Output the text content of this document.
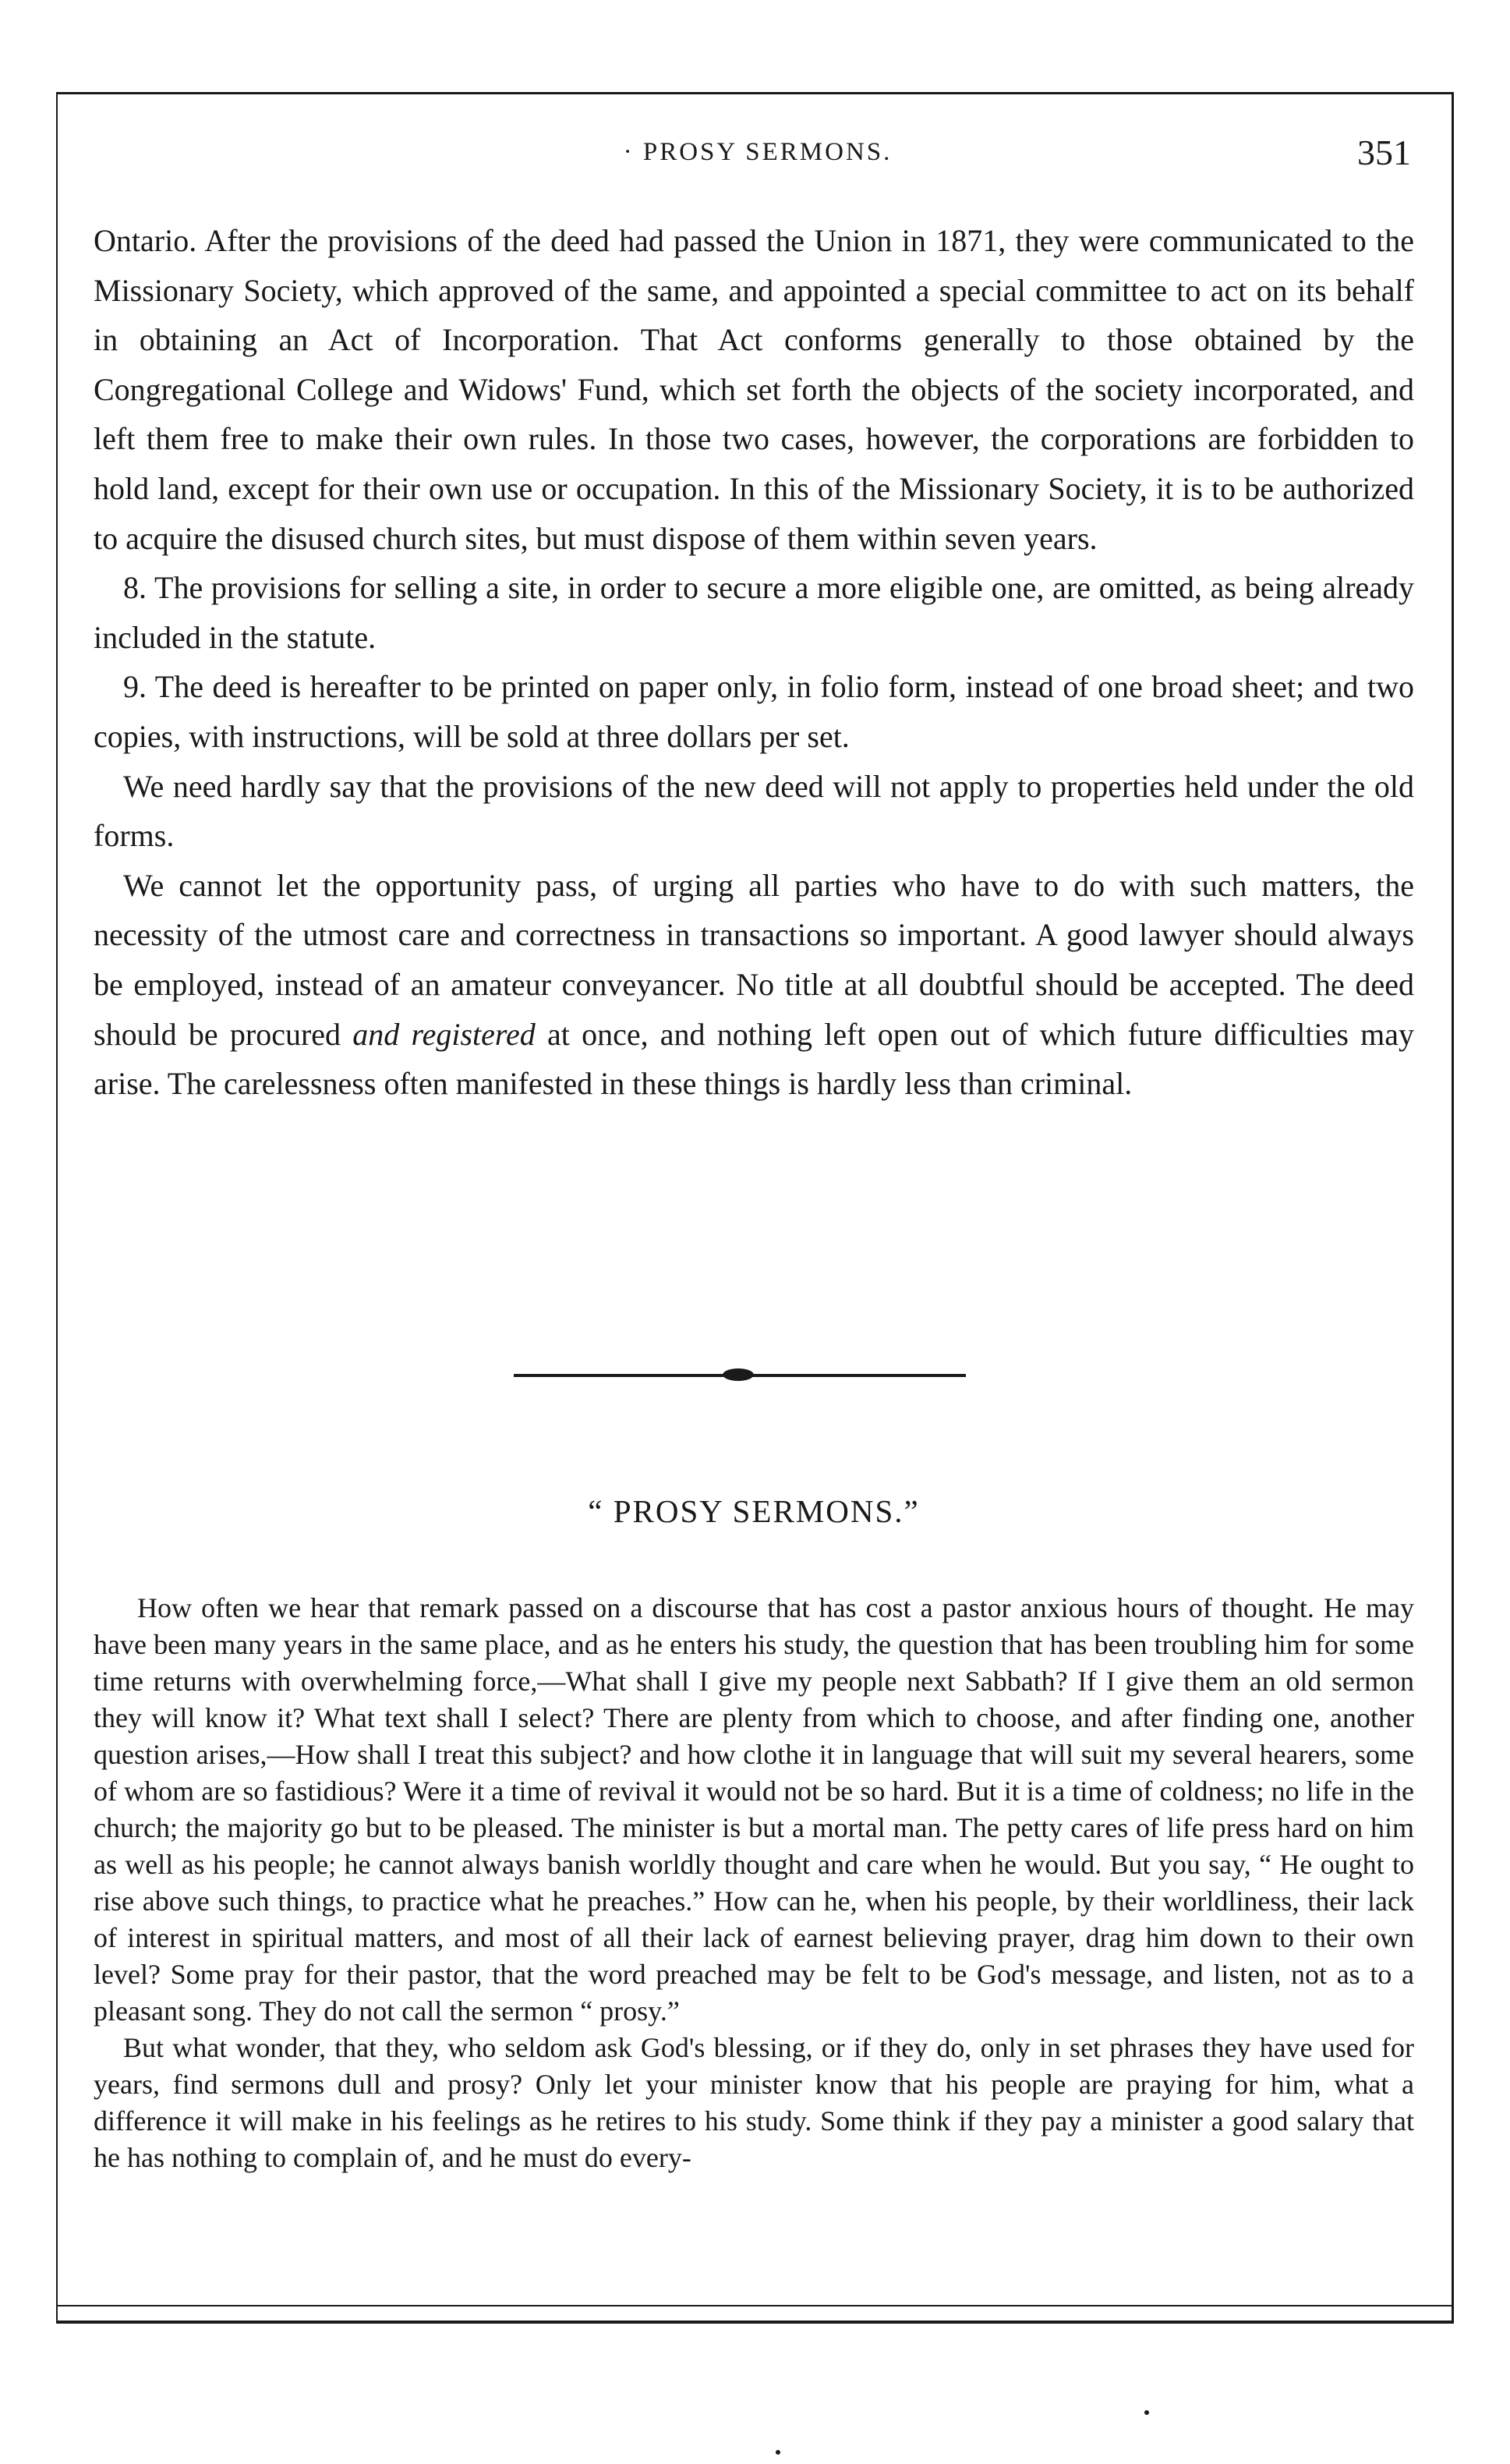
· PROSY SERMONS.	351

Ontario. After the provisions of the deed had passed the Union in 1871, they were communicated to the Missionary Society, which approved of the same, and appointed a special committee to act on its behalf in obtaining an Act of Incorporation. That Act conforms generally to those obtained by the Congregational College and Widows' Fund, which set forth the objects of the society incorporated, and left them free to make their own rules. In those two cases, however, the corporations are forbidden to hold land, except for their own use or occupation. In this of the Missionary Society, it is to be authorized to acquire the disused church sites, but must dispose of them within seven years.

8. The provisions for selling a site, in order to secure a more eligible one, are omitted, as being already included in the statute.

9. The deed is hereafter to be printed on paper only, in folio form, instead of one broad sheet; and two copies, with instructions, will be sold at three dollars per set.

We need hardly say that the provisions of the new deed will not apply to properties held under the old forms.

We cannot let the opportunity pass, of urging all parties who have to do with such matters, the necessity of the utmost care and correctness in transactions so important. A good lawyer should always be employed, instead of an amateur conveyancer. No title at all doubtful should be accepted. The deed should be procured and registered at once, and nothing left open out of which future difficulties may arise. The carelessness often manifested in these things is hardly less than criminal.

“ PROSY SERMONS.”

How often we hear that remark passed on a discourse that has cost a pastor anxious hours of thought. He may have been many years in the same place, and as he enters his study, the question that has been troubling him for some time returns with overwhelming force,—What shall I give my people next Sabbath? If I give them an old sermon they will know it? What text shall I select? There are plenty from which to choose, and after finding one, another question arises,—How shall I treat this subject? and how clothe it in language that will suit my several hearers, some of whom are so fastidious? Were it a time of revival it would not be so hard. But it is a time of coldness; no life in the church; the majority go but to be pleased. The minister is but a mortal man. The petty cares of life press hard on him as well as his people; he cannot always banish worldly thought and care when he would. But you say, “ He ought to rise above such things, to practice what he preaches.” How can he, when his people, by their worldliness, their lack of interest in spiritual matters, and most of all their lack of earnest believing prayer, drag him down to their own level? Some pray for their pastor, that the word preached may be felt to be God's message, and listen, not as to a pleasant song. They do not call the sermon “ prosy.”

But what wonder, that they, who seldom ask God's blessing, or if they do, only in set phrases they have used for years, find sermons dull and prosy? Only let your minister know that his people are praying for him, what a difference it will make in his feelings as he retires to his study. Some think if they pay a minister a good salary that he has nothing to complain of, and he must do every-
